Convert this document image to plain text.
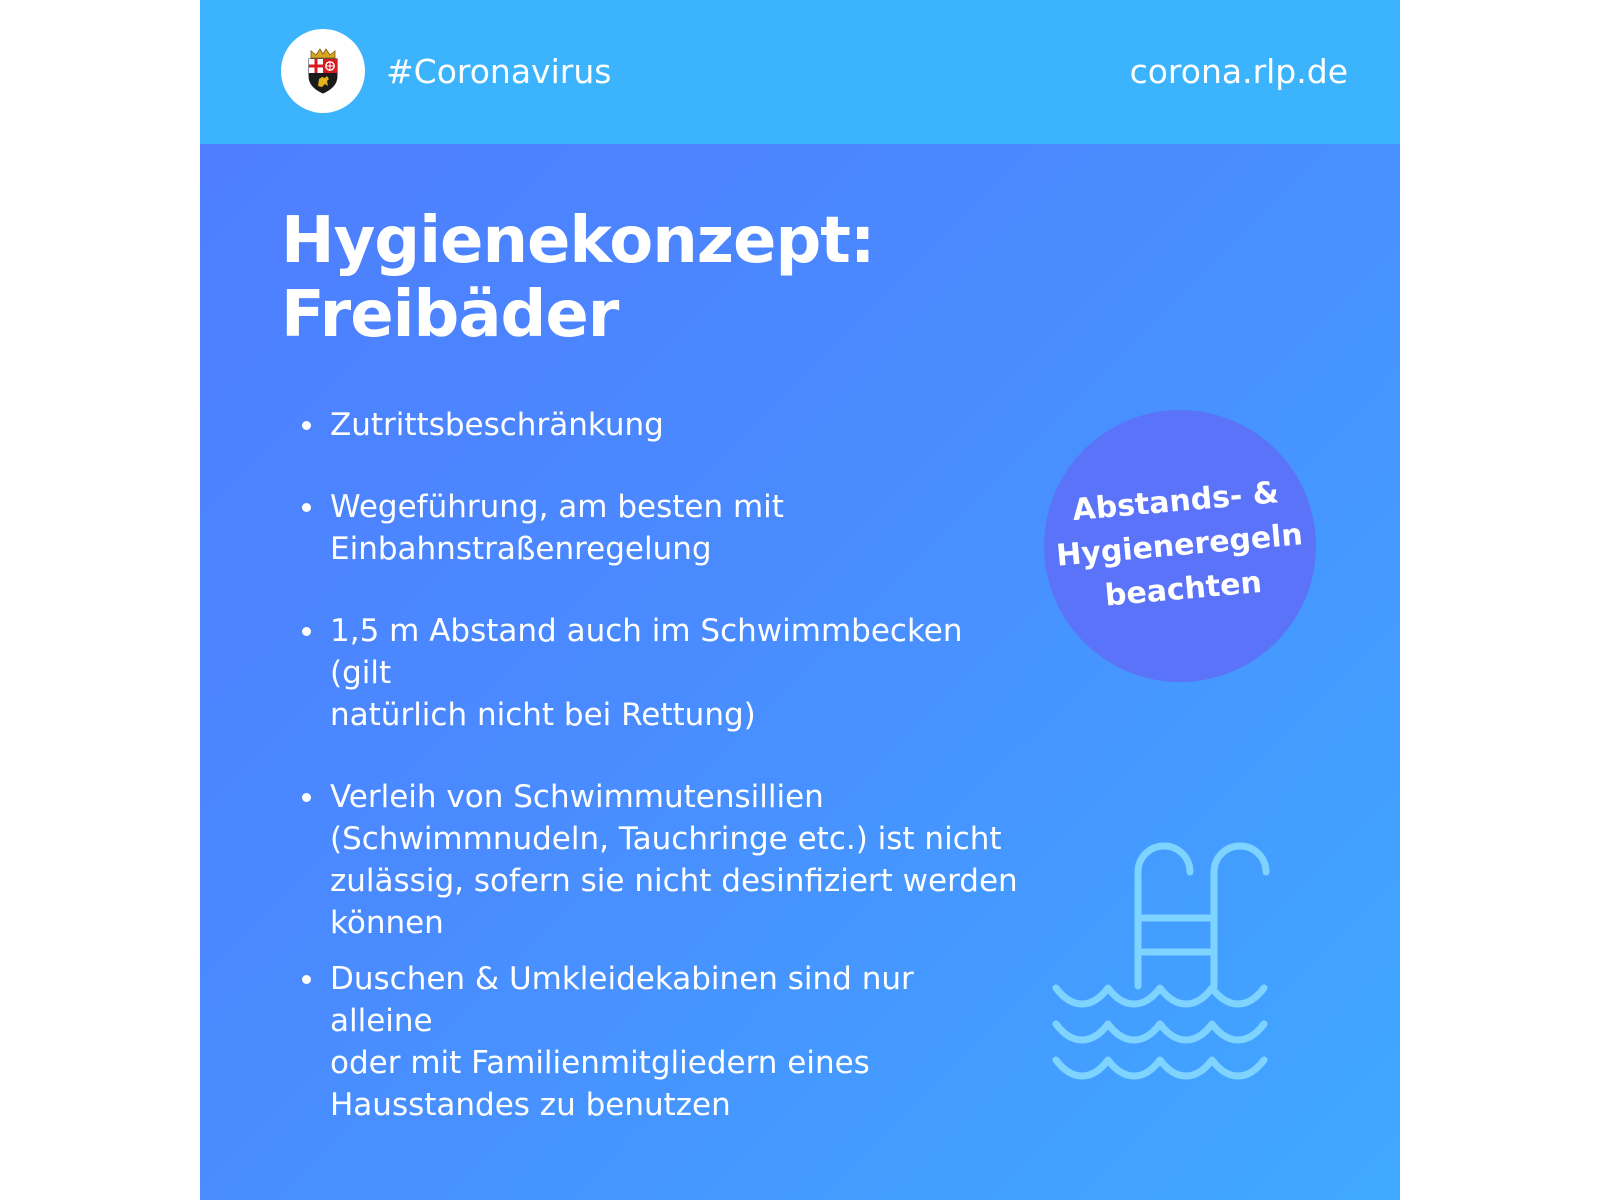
#Coronavirus	corona.rlp.de
Hygienekonzept:
Freibäder
Zutrittsbeschränkung
Wegeführung, am besten mit
Einbahnstraßenregelung
1,5 m Abstand auch im Schwimmbecken (gilt
natürlich nicht bei Rettung)
Verleih von Schwimmutensillien
(Schwimmnudeln, Tauchringe etc.) ist nicht
zulässig, sofern sie nicht desinfiziert werden
können
Duschen & Umkleidekabinen sind nur alleine
oder mit Familienmitgliedern eines
Hausstandes zu benutzen
Abstands- &
Hygieneregeln
beachten
